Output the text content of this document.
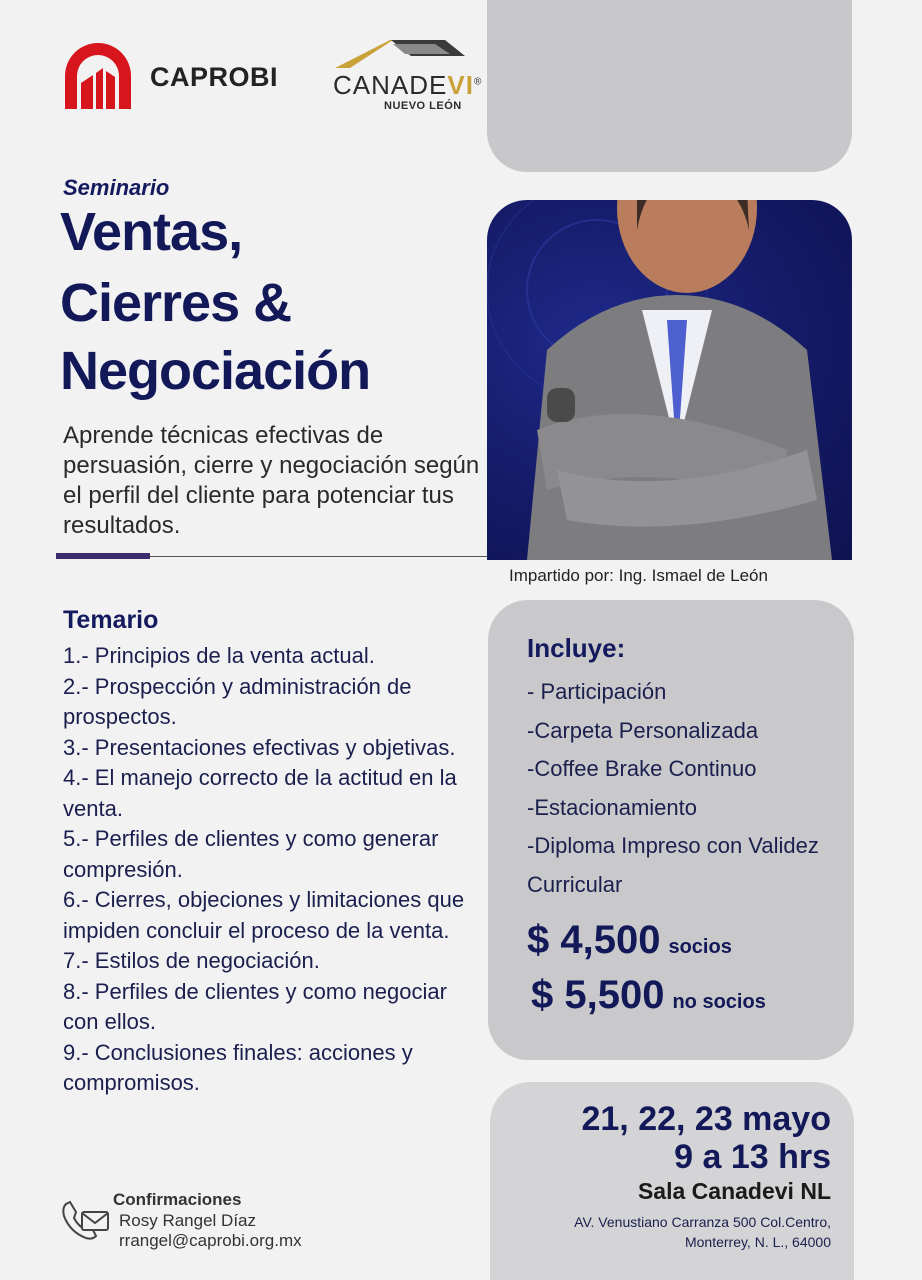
CAPROBI CANADEVI®
NUEVO LEÓN
Seminario
Ventas,
Cierres &
Negociación
Aprende técnicas efectivas de persuasión, cierre y negociación según el perfil del cliente para potenciar tus resultados.
Impartido por: Ing. Ismael de León
Temario
1.- Principios de la venta actual.
2.- Prospección y administración de prospectos.
3.- Presentaciones efectivas y objetivas.
4.- El manejo correcto de la actitud en la venta.
5.- Perfiles de clientes y como generar compresión.
6.- Cierres, objeciones y limitaciones que impiden concluir el proceso de la venta.
7.- Estilos de negociación.
8.- Perfiles de clientes y como negociar con ellos.
9.- Conclusiones finales: acciones y compromisos.
Incluye:
- Participación
-Carpeta Personalizada
-Coffee Brake Continuo
-Estacionamiento
-Diploma Impreso con Validez Curricular
$ 4,500 socios
$ 5,500 no socios
21, 22, 23 mayo
9 a 13 hrs
Sala Canadevi NL
AV. Venustiano Carranza 500 Col.Centro,
Monterrey, N. L., 64000
Confirmaciones
Rosy Rangel Díaz
rrangel@caprobi.org.mx
